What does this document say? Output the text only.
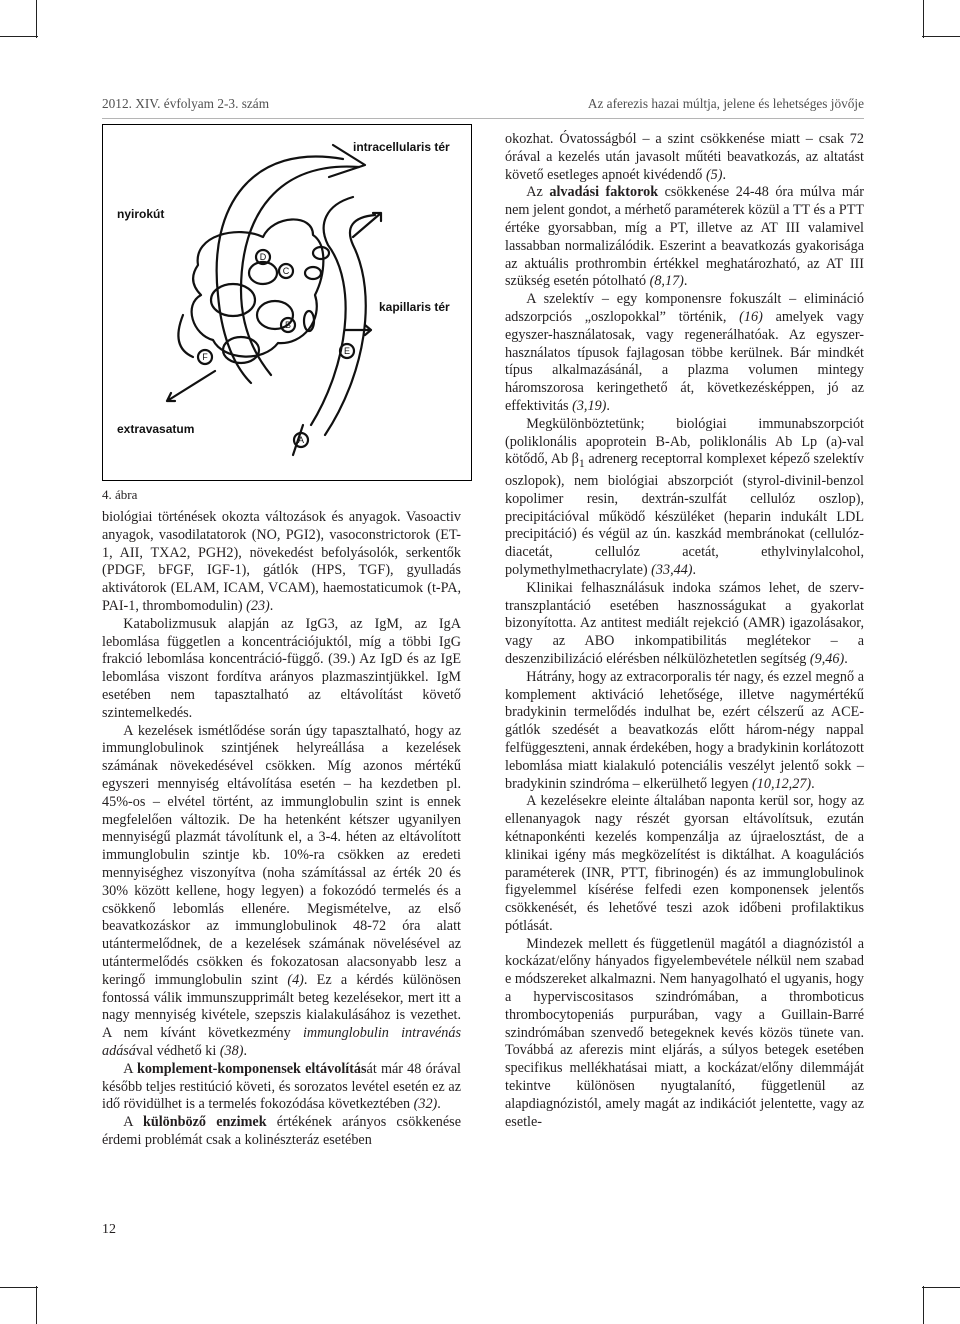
2012. XIV. évfolyam 2-3. szám	Az aferezis hazai múltja, jelene és lehetséges jövője
D
C
B
E
F
A
intracellularis tér
nyirokút
kapillaris tér
extravasatum
4. ábra

biológiai történések okozta változások és anyagok. Vasoactiv anyagok, vasodilatatorok (NO, PGI2), vasoconstrictorok (ET-1, AII, TXA2, PGH2), növekedést befolyásolók, serkentők (PDGF, bFGF, IGF-1), gátlók (HPS, TGF), gyulladás aktivátorok (ELAM, ICAM, VCAM), haemostaticumok (t-PA, PAI-1, thrombomodulin) (23).

Katabolizmusuk alapján az IgG3, az IgM, az IgA lebomlása független a koncentrációjuktól, míg a többi IgG frakció lebomlása koncentráció-függő. (39.) Az IgD és az IgE lebomlása viszont fordítva arányos plazmaszintjükkel. IgM esetében nem tapasztalható az eltávolítást követő szintemelkedés.

A kezelések ismétlődése során úgy tapasztalható, hogy az immunglobulinok szintjének helyreállása a kezelések számának növekedésével csökken. Míg azonos mértékű egyszeri mennyiség eltávolítása esetén – ha kezdetben pl. 45%-os – elvétel történt, az immunglobulin szint is ennek megfelelően változik. De ha hetenként kétszer ugyanilyen mennyiségű plazmát távolítunk el, a 3-4. héten az eltávolított immunglobulin szintje kb. 10%-ra csökken az eredeti mennyiséghez viszonyítva (noha számítással az érték 20 és 30% között kellene, hogy legyen) a fokozódó termelés és a csökkenő lebomlás ellenére. Megismételve, az első beavatkozáskor az immunglobulinok 48-72 óra alatt utántermelődnek, de a kezelések számának növelésével az utántermelődés csökken és fokozatosan alacsonyabb lesz a keringő immunglobulin szint (4). Ez a kérdés különösen fontossá válik immunszupprimált beteg kezelésekor, mert itt a nagy mennyiség kivétele, szepszis kialakulásához is vezethet. A nem kívánt következmény immunglobulin intravénás adásával védhető ki (38).

A komplement-komponensek eltávolítását már 48 órával később teljes restitúció követi, és sorozatos levétel esetén ez az idő rövidülhet is a termelés fokozódása következtében (32).

A különböző enzimek értékének arányos csökkenése érdemi problémát csak a kolinészteráz esetében

okozhat. Óvatosságból – a szint csökkenése miatt – csak 72 órával a kezelés után javasolt műtéti beavatkozás, az altatást követő esetleges apnoét kivédendő (5).

Az alvadási faktorok csökkenése 24-48 óra múlva már nem jelent gondot, a mérhető paraméterek közül a TT és a PTT értéke gyorsabban, míg a PT, illetve az AT III valamivel lassabban normalizálódik. Eszerint a beavatkozás gyakorisága az aktuális prothrombin értékkel meghatározható, az AT III szükség esetén pótolható (8,17).

A szelektív – egy komponensre fokuszált – elimináció adszorpciós „oszlopokkal” történik, (16) amelyek vagy egyszer-használatosak, vagy regenerálhatóak. Az egyszer-használatos típusok fajlagosan többe kerülnek. Bár mindkét típus alkalmazásánál, a plazma volumen mintegy háromszorosa keringethető át, következésképpen, jó az effektivitás (3,19).

Megkülönböztetünk; biológiai immunabszorpciót (poliklonális apoprotein B-Ab, poliklonális Ab Lp (a)-val kötődő, Ab $\beta_1$ adrenerg receptorral komplexet képező szelektív oszlopok), nem biológiai abszorpciót (styrol-divinil-benzol kopolimer resin, dextrán-szulfát cellulóz oszlop), precipitációval működő készüléket (heparin indukált LDL precipitáció) és végül az ún. kaszkád membránokat (cellulóz-diacetát, cellulóz acetát, ethylvinylalcohol, polymethylmethacrylate) (33,44).

Klinikai felhasználásuk indoka számos lehet, de szerv-transzplantáció esetében hasznosságukat a gyakorlat bizonyította. Az antitest mediált rejekció (AMR) igazolásakor, vagy az ABO inkompatibilitás meglétekor – a deszenzibilizáció elérésben nélkülözhetetlen segítség (9,46).

Hátrány, hogy az extracorporalis tér nagy, és ezzel megnő a komplement aktiváció lehetősége, illetve nagymértékű bradykinin termelődés indulhat be, ezért célszerű az ACE-gátlók szedését a beavatkozás előtt három-négy nappal felfüggeszteni, annak érdekében, hogy a bradykinin korlátozott lebomlása miatt kialakuló potenciális veszélyt jelentő sokk – bradykinin szindróma – elkerülhető legyen (10,12,27).

A kezelésekre eleinte általában naponta kerül sor, hogy az ellenanyagok nagy részét gyorsan eltávolítsuk, ezután kétnaponkénti kezelés kompenzálja az újraelosztást, de a klinikai igény más megközelítést is diktálhat. A koagulációs paraméterek (INR, PTT, fibrinogén) és az immunglobulinok figyelemmel kísérése felfedi ezen komponensek jelentős csökkenését, és lehetővé teszi azok időbeni profilaktikus pótlását.

Mindezek mellett és függetlenül magától a diagnózistól a kockázat/előny hányados figyelembevétele nélkül nem szabad e módszereket alkalmazni. Nem hanyagolható el ugyanis, hogy a hyperviscositasos szindrómában, a thromboticus thrombocytopeniás purpurában, vagy a Guillain-Barré szindrómában szenvedő betegeknek kevés közös tünete van. Továbbá az aferezis mint eljárás, a súlyos betegek esetében specifikus mellékhatásai miatt, a kockázat/előny dilemmáját tekintve különösen nyugtalanító, függetlenül az alapdiagnózistól, amely magát az indikációt jelentette, vagy az esetle-

12
